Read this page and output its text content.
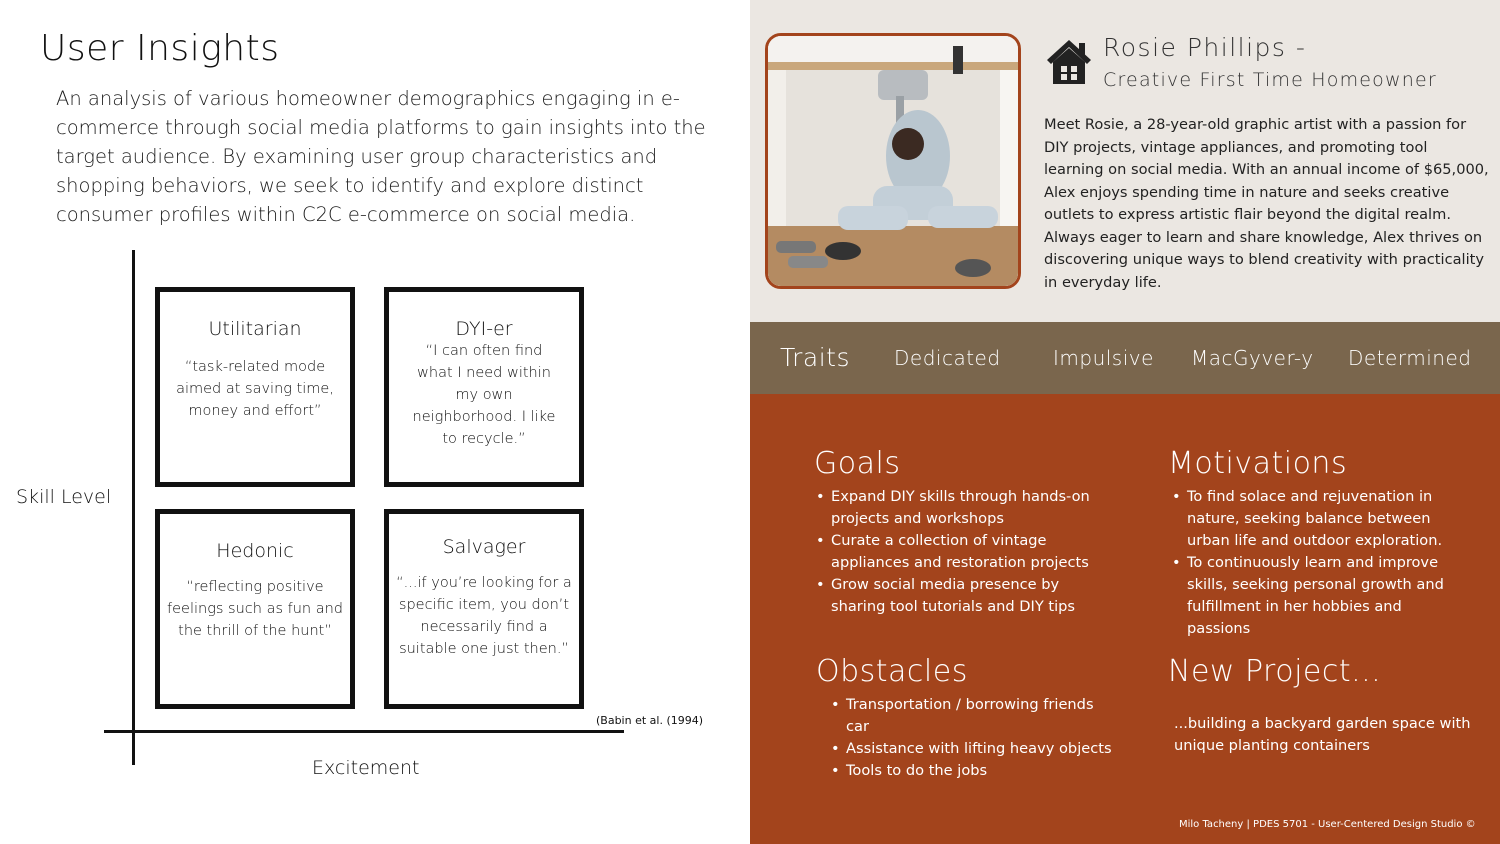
User Insights
An analysis of various homeowner demographics engaging in e-commerce through social media platforms to gain insights into the target audience. By examining user group characteristics and shopping behaviors, we seek to identify and explore distinct consumer profiles within C2C e-commerce on social media.
Utilitarian
“task-related mode aimed at saving time, money and effort”
DYI-er
“I can often find what I need within my own neighborhood. I like to recycle.”
Hedonic
“reflecting positive feelings such as fun and the thrill of the hunt”
Salvager
“...if you’re looking for a specific item, you don’t necessarily find a suitable one just then.”
Skill Level
Excitement
(Babin et al. (1994)
Rosie Phillips -
Creative First Time Homeowner
Meet Rosie, a 28-year-old graphic artist with a passion for DIY projects, vintage appliances, and promoting tool learning on social media. With an annual income of $65,000, Alex enjoys spending time in nature and seeks creative outlets to express artistic flair beyond the digital realm. Always eager to learn and share knowledge, Alex thrives on discovering unique ways to blend creativity with practicality in everyday life.
Traits Dedicated	Impulsive MacGyver-y Determined
Goals
• Expand DIY skills through hands-on projects and workshops
• Curate a collection of vintage appliances and restoration projects
• Grow social media presence by sharing tool tutorials and DIY tips
Motivations
• To find solace and rejuvenation in nature, seeking balance between urban life and outdoor exploration.
• To continuously learn and improve skills, seeking personal growth and fulfillment in her hobbies and passions
Obstacles
• Transportation / borrowing friends car
• Assistance with lifting heavy objects
• Tools to do the jobs
New Project...
...building a backyard garden space with unique planting containers
Milo Tacheny | PDES 5701 - User-Centered Design Studio ©
